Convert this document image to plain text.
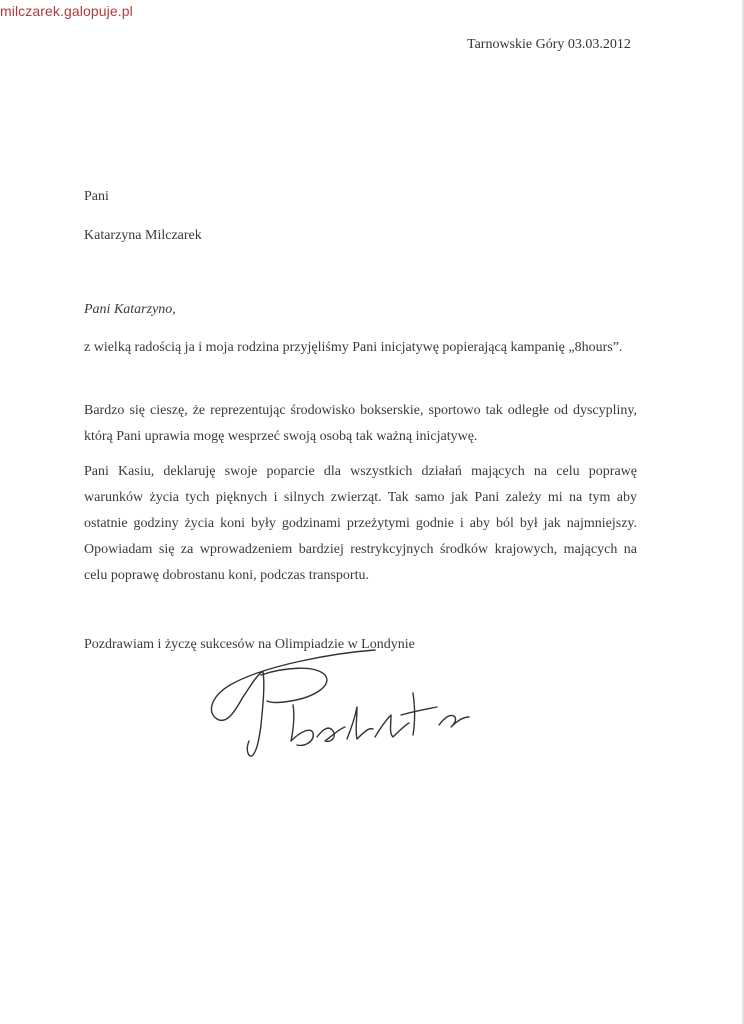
milczarek.galopuje.pl
Tarnowskie Góry 03.03.2012
Pani
Katarzyna Milczarek
Pani Katarzyno,
z wielką radością ja i moja rodzina przyjęliśmy Pani inicjatywę popierającą kampanię „8hours”.
Bardzo się cieszę, że reprezentując środowisko bokserskie, sportowo tak odległe od dyscypliny, którą Pani uprawia mogę wesprzeć swoją osobą tak ważną inicjatywę.
Pani Kasiu, deklaruję swoje poparcie dla wszystkich działań mających na celu poprawę warunków życia tych pięknych i silnych zwierząt. Tak samo jak Pani zależy mi na tym aby ostatnie godziny życia koni były godzinami przeżytymi godnie i aby ból był jak najmniejszy. Opowiadam się za wprowadzeniem bardziej restrykcyjnych środków krajowych, mających na celu poprawę dobrostanu koni, podczas transportu.
Pozdrawiam i życzę sukcesów na Olimpiadzie w Londynie
